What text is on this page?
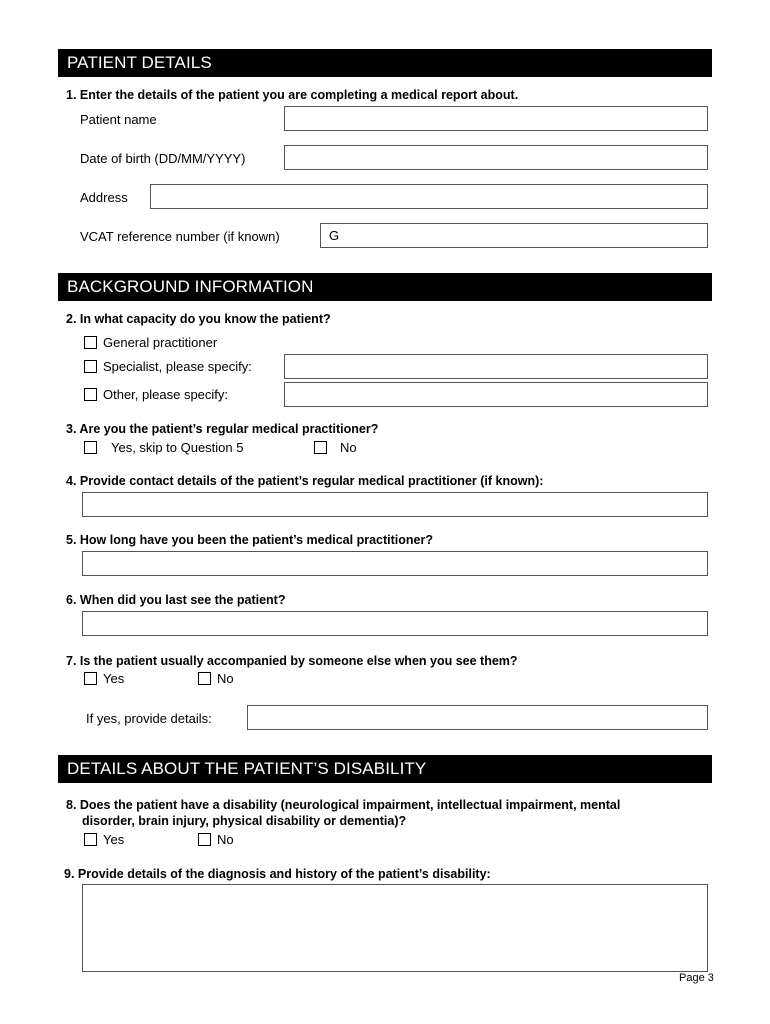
PATIENT DETAILS
1. Enter the details of the patient you are completing a medical report about.
Patient name
Date of birth (DD/MM/YYYY)
Address
VCAT reference number (if known)	G
BACKGROUND INFORMATION
2. In what capacity do you know the patient?
General practitioner
Specialist, please specify:
Other, please specify:
3. Are you the patient’s regular medical practitioner?
Yes, skip to Question 5	No
4. Provide contact details of the patient’s regular medical practitioner (if known):
5. How long have you been the patient’s medical practitioner?
6. When did you last see the patient?
7. Is the patient usually accompanied by someone else when you see them?
Yes	No
If yes, provide details:
DETAILS ABOUT THE PATIENT’S DISABILITY
8. Does the patient have a disability (neurological impairment, intellectual impairment, mental
disorder, brain injury, physical disability or dementia)?
Yes	No
9. Provide details of the diagnosis and history of the patient’s disability:
Page 3
